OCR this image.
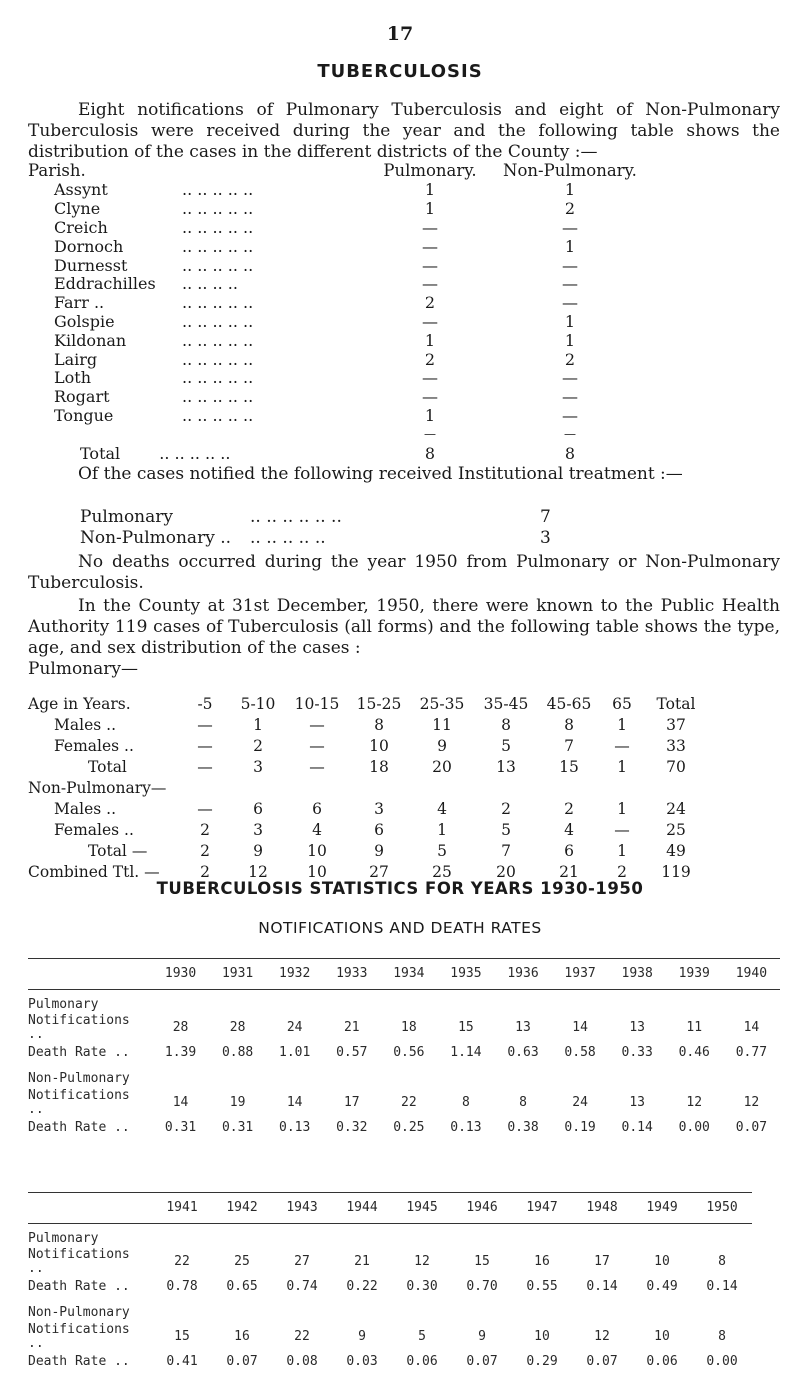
17
TUBERCULOSIS
Eight notifications of Pulmonary Tuberculosis and eight of Non-Pulmonary Tuberculosis were received during the year and the following table shows the distribution of the cases in the different districts of the County :—
Parish.	Pulmonary.	Non-Pulmonary.
Assynt .. .. .. .. ..	1	1
Clyne .. .. .. .. ..	1	2
Creich .. .. .. .. ..	—	—
Dornoch .. .. .. .. ..	—	1
Durnesst .. .. .. .. ..	—	—
Eddrachilles .. .. .. ..	—	—
Farr .. .. .. .. .. ..	2	—
Golspie .. .. .. .. ..	—	1
Kildonan .. .. .. .. ..	1	1
Lairg .. .. .. .. ..	2	2
Loth .. .. .. .. ..	—	—
Rogart .. .. .. .. ..	—	—
Tongue .. .. .. .. ..	1	—
	—	—
Total .. .. .. .. ..	8	8
Of the cases notified the following received Institutional treatment :—
Pulmonary	.. .. .. .. .. ..	7
Non-Pulmonary ..	.. .. .. .. ..	3
No deaths occurred during the year 1950 from Pulmonary or Non-Pulmonary Tuberculosis.
In the County at 31st December, 1950, there were known to the Public Health Authority 119 cases of Tuberculosis (all forms) and the following table shows the type, age, and sex distribution of the cases :
Pulmonary—
Age in Years.	-5	5-10	10-15	15-25	25-35	35-45	45-65	65	Total
Males ..	—	1	—	8	11	8	8	1	37
Females ..	—	2	—	10	9	5	7	—	33
Total	—	3	—	18	20	13	15	1	70
Non-Pulmonary—									
Males ..	—	6	6	3	4	2	2	1	24
Females ..	2	3	4	6	1	5	4	—	25
Total —	2	9	10	9	5	7	6	1	49
Combined Ttl. —	2	12	10	27	25	20	21	2	119
TUBERCULOSIS STATISTICS FOR YEARS 1930-1950
NOTIFICATIONS AND DEATH RATES
	1930	1931	1932	1933	1934	1935	1936	1937	1938	1939	1940
Pulmonary											
Notifications ..	28	28	24	21	18	15	13	14	13	11	14
Death Rate ..	1.39	0.88	1.01	0.57	0.56	1.14	0.63	0.58	0.33	0.46	0.77
Non-Pulmonary											
Notifications ..	14	19	14	17	22	8	8	24	13	12	12
Death Rate ..	0.31	0.31	0.13	0.32	0.25	0.13	0.38	0.19	0.14	0.00	0.07
	1941	1942	1943	1944	1945	1946	1947	1948	1949	1950
Pulmonary										
Notifications ..	22	25	27	21	12	15	16	17	10	8
Death Rate ..	0.78	0.65	0.74	0.22	0.30	0.70	0.55	0.14	0.49	0.14
Non-Pulmonary										
Notifications ..	15	16	22	9	5	9	10	12	10	8
Death Rate ..	0.41	0.07	0.08	0.03	0.06	0.07	0.29	0.07	0.06	0.00
